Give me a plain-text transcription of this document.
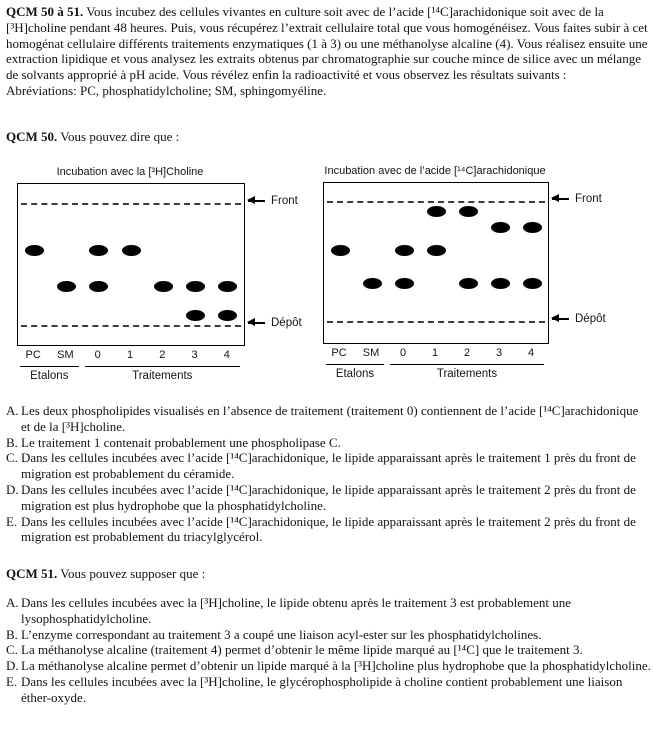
QCM 50 à 51. Vous incubez des cellules vivantes en culture soit avec de l’acide [¹⁴C]arachidonique soit avec de la [³H]choline pendant 48 heures. Puis, vous récupérez l’extrait cellulaire total que vous homogénéisez. Vous faites subir à cet homogénat cellulaire différents traitements enzymatiques (1 à 3) ou une méthanolyse alcaline (4). Vous réalisez ensuite une extraction lipidique et vous analysez les extraits obtenus par chromatographie sur couche mince de silice avec un mélange de solvants approprié à pH acide. Vous révélez enfin la radioactivité et vous observez les résultats suivants :
Abréviations: PC, phosphatidylcholine; SM, sphingomyéline.
QCM 50. Vous pouvez dire que :
Incubation avec la [³H]Choline
Front
Dépôt
PC	SM	0	1	2	3	4
Etalons	Traitements
Incubation avec de l’acide [¹⁴C]arachidonique
Front
Dépôt
PC	SM	0	1	2	3	4
Etalons	Traitements
A. Les deux phospholipides visualisés en l’absence de traitement (traitement 0) contiennent de l’acide [¹⁴C]arachidonique et de la [³H]choline.
B. Le traitement 1 contenait probablement une phospholipase C.
C. Dans les cellules incubées avec l’acide [¹⁴C]arachidonique, le lipide apparaissant après le traitement 1 près du front de migration est probablement du céramide.
D. Dans les cellules incubées avec l’acide [¹⁴C]arachidonique, le lipide apparaissant après le traitement 2 près du front de migration est plus hydrophobe que la phosphatidylcholine.
E. Dans les cellules incubées avec l’acide [¹⁴C]arachidonique, le lipide apparaissant après le traitement 2 près du front de migration est probablement du triacylglycérol.
QCM 51. Vous pouvez supposer que :
A. Dans les cellules incubées avec la [³H]choline, le lipide obtenu après le traitement 3 est probablement une lysophosphatidylcholine.
B. L’enzyme correspondant au traitement 3 a coupé une liaison acyl-ester sur les phosphatidylcholines.
C. La méthanolyse alcaline (traitement 4) permet d’obtenir le même lipide marqué au [¹⁴C] que le traitement 3.
D. La méthanolyse alcaline permet d’obtenir un lipide marqué à la [³H]choline plus hydrophobe que la phosphatidylcholine.
E. Dans les cellules incubées avec la [³H]choline, le glycérophospholipide à choline contient probablement une liaison éther-oxyde.
